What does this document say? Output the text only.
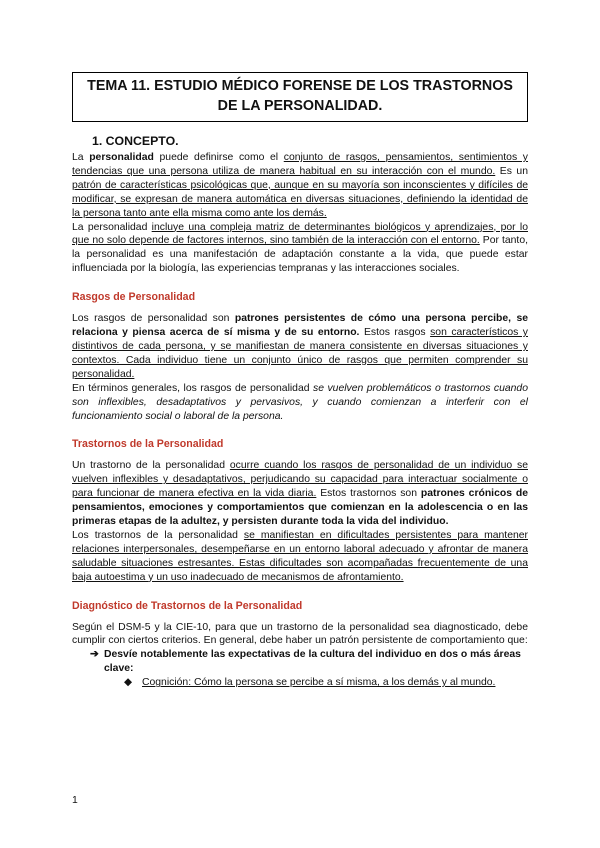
TEMA 11. ESTUDIO MÉDICO FORENSE DE LOS TRASTORNOS
DE LA PERSONALIDAD.
1. CONCEPTO.

La personalidad puede definirse como el conjunto de rasgos, pensamientos, sentimientos y tendencias que una persona utiliza de manera habitual en su interacción con el mundo. Es un patrón de características psicológicas que, aunque en su mayoría son inconscientes y difíciles de modificar, se expresan de manera automática en diversas situaciones, definiendo la identidad de la persona tanto ante ella misma como ante los demás.

La personalidad incluye una compleja matriz de determinantes biológicos y aprendizajes, por lo que no solo depende de factores internos, sino también de la interacción con el entorno. Por tanto, la personalidad es una manifestación de adaptación constante a la vida, que puede estar influenciada por la biología, las experiencias tempranas y las interacciones sociales.

Rasgos de Personalidad

Los rasgos de personalidad son patrones persistentes de cómo una persona percibe, se relaciona y piensa acerca de sí misma y de su entorno. Estos rasgos son característicos y distintivos de cada persona, y se manifiestan de manera consistente en diversas situaciones y contextos. Cada individuo tiene un conjunto único de rasgos que permiten comprender su personalidad.

En términos generales, los rasgos de personalidad se vuelven problemáticos o trastornos cuando son inflexibles, desadaptativos y pervasivos, y cuando comienzan a interferir con el funcionamiento social o laboral de la persona.

Trastornos de la Personalidad

Un trastorno de la personalidad ocurre cuando los rasgos de personalidad de un individuo se vuelven inflexibles y desadaptativos, perjudicando su capacidad para interactuar socialmente o para funcionar de manera efectiva en la vida diaria. Estos trastornos son patrones crónicos de pensamientos, emociones y comportamientos que comienzan en la adolescencia o en las primeras etapas de la adultez, y persisten durante toda la vida del individuo.

Los trastornos de la personalidad se manifiestan en dificultades persistentes para mantener relaciones interpersonales, desempeñarse en un entorno laboral adecuado y afrontar de manera saludable situaciones estresantes. Estas dificultades son acompañadas frecuentemente de una baja autoestima y un uso inadecuado de mecanismos de afrontamiento.

Diagnóstico de Trastornos de la Personalidad

Según el DSM-5 y la CIE-10, para que un trastorno de la personalidad sea diagnosticado, debe cumplir con ciertos criterios. En general, debe haber un patrón persistente de comportamiento que:

➔ Desvíe notablemente las expectativas de la cultura del individuo en dos o más áreas clave:
◆ Cognición: Cómo la persona se percibe a sí misma, a los demás y al mundo.
1
